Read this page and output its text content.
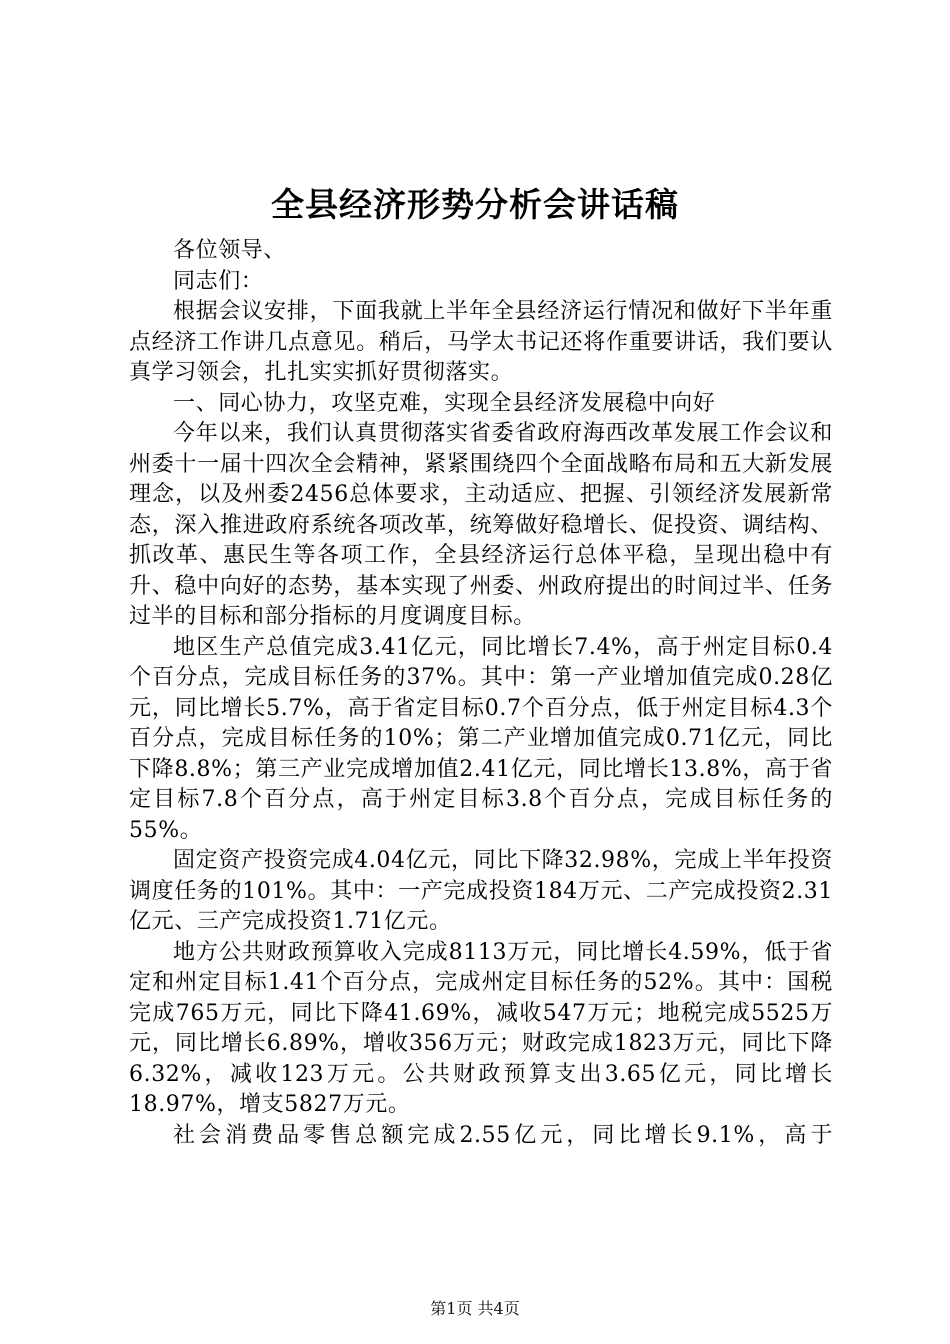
全县经济形势分析会讲话稿

各位领导、

同志们：

根据会议安排，下面我就上半年全县经济运行情况和做好下半年重点经济工作讲几点意见。稍后，马学太书记还将作重要讲话，我们要认真学习领会，扎扎实实抓好贯彻落实。

一、同心协力，攻坚克难，实现全县经济发展稳中向好

今年以来，我们认真贯彻落实省委省政府海西改革发展工作会议和州委十一届十四次全会精神，紧紧围绕四个全面战略布局和五大新发展理念，以及州委2456总体要求，主动适应、把握、引领经济发展新常态，深入推进政府系统各项改革，统筹做好稳增长、促投资、调结构、抓改革、惠民生等各项工作，全县经济运行总体平稳，呈现出稳中有升、稳中向好的态势，基本实现了州委、州政府提出的时间过半、任务过半的目标和部分指标的月度调度目标。

地区生产总值完成3.41亿元，同比增长7.4%，高于州定目标0.4个百分点，完成目标任务的37%。其中：第一产业增加值完成0.28亿元，同比增长5.7%，高于省定目标0.7个百分点，低于州定目标4.3个百分点，完成目标任务的10%；第二产业增加值完成0.71亿元，同比下降8.8%；第三产业完成增加值2.41亿元，同比增长13.8%，高于省定目标7.8个百分点，高于州定目标3.8个百分点，完成目标任务的55%。

固定资产投资完成4.04亿元，同比下降32.98%，完成上半年投资调度任务的101%。其中：一产完成投资184万元、二产完成投资2.31亿元、三产完成投资1.71亿元。

地方公共财政预算收入完成8113万元，同比增长4.59%，低于省定和州定目标1.41个百分点，完成州定目标任务的52%。其中：国税完成765万元，同比下降41.69%，减收547万元；地税完成5525万元，同比增长6.89%，增收356万元；财政完成1823万元，同比下降6.32%，减收123万元。公共财政预算支出3.65亿元，同比增长18.97%，增支5827万元。

社会消费品零售总额完成2.55亿元，同比增长9.1%，高于

第1页 共4页
